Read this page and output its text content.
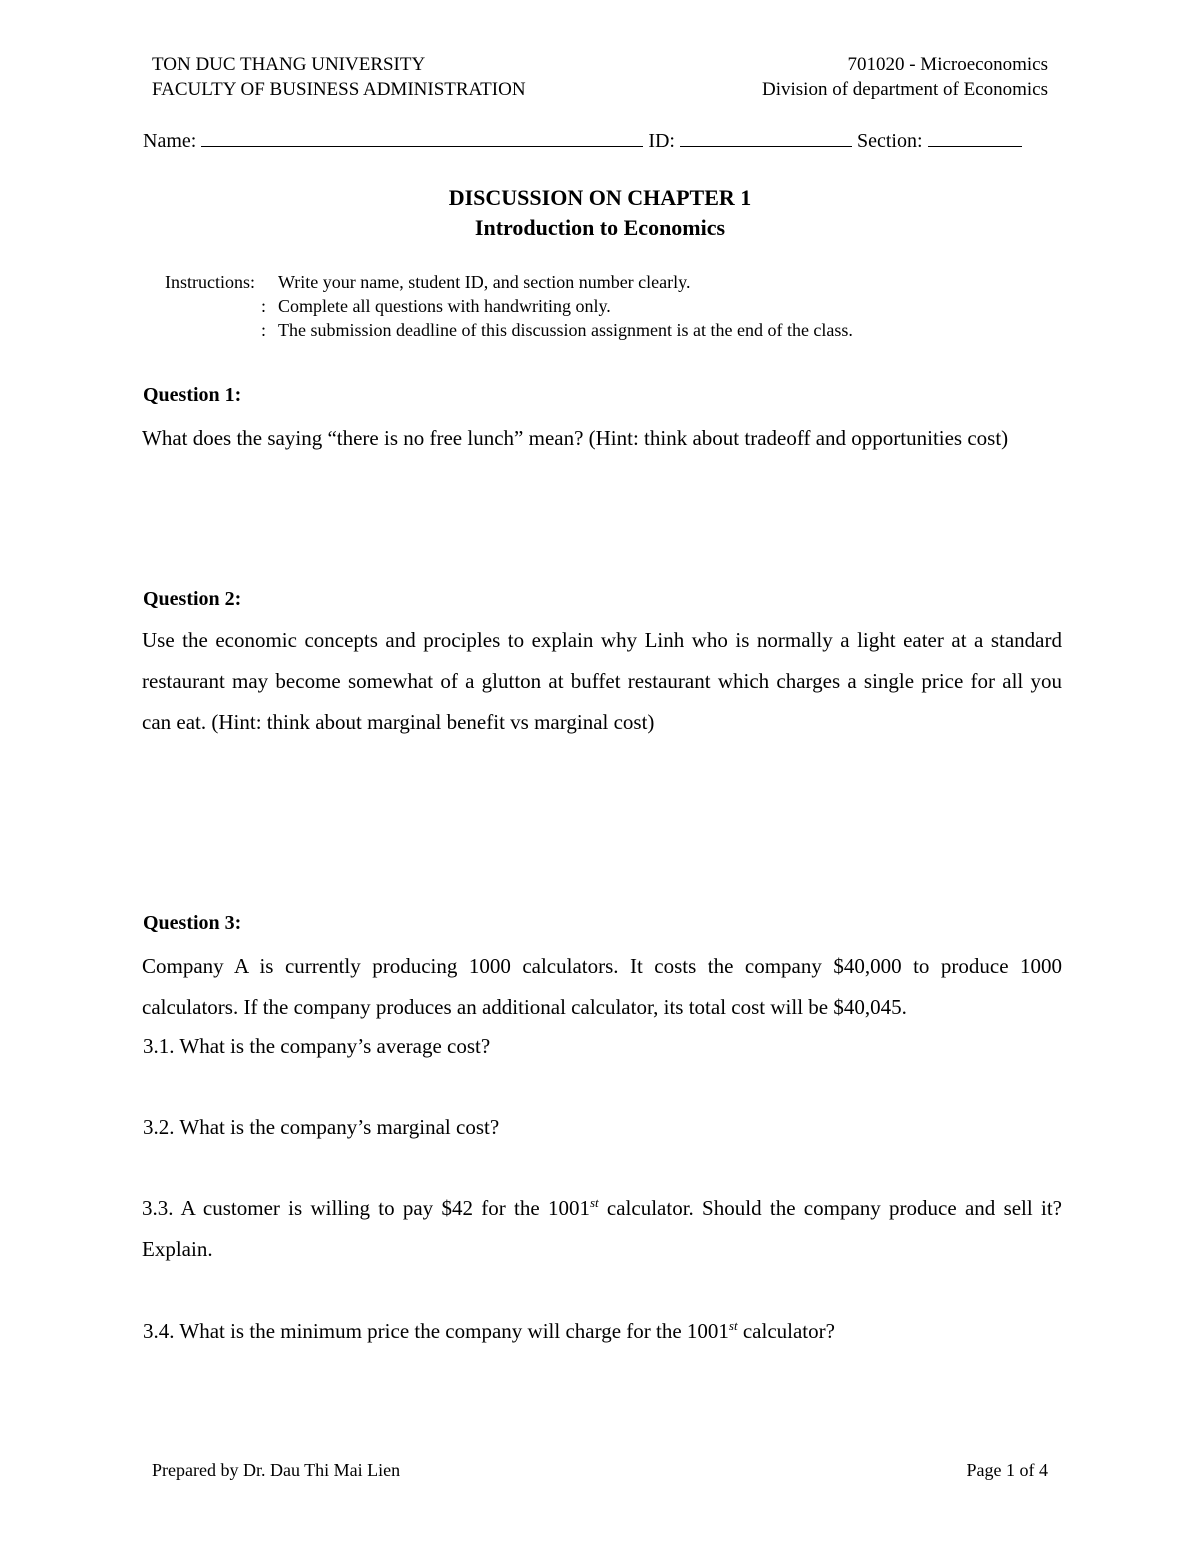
TON DUC THANG UNIVERSITY
FACULTY OF BUSINESS ADMINISTRATION
701020 - Microeconomics
Division of department of Economics
Name:	ID:	Section:
DISCUSSION ON CHAPTER 1
Introduction to Economics
Instructions: Write your name, student ID, and section number clearly.
: Complete all questions with handwriting only.
: The submission deadline of this discussion assignment is at the end of the class.
Question 1:
What does the saying “there is no free lunch” mean? (Hint: think about tradeoff and opportunities cost)
Question 2:
Use the economic concepts and prociples to explain why Linh who is normally a light eater at a standard restaurant may become somewhat of a glutton at buffet restaurant which charges a single price for all you can eat. (Hint: think about marginal benefit vs marginal cost)
Question 3:
Company A is currently producing 1000 calculators. It costs the company $40,000 to produce 1000 calculators. If the company produces an additional calculator, its total cost will be $40,045.
3.1. What is the company’s average cost?
3.2. What is the company’s marginal cost?
3.3. A customer is willing to pay $42 for the 1001st calculator. Should the company produce and sell it? Explain.
3.4. What is the minimum price the company will charge for the 1001st calculator?
Prepared by Dr. Dau Thi Mai Lien	Page 1 of 4
